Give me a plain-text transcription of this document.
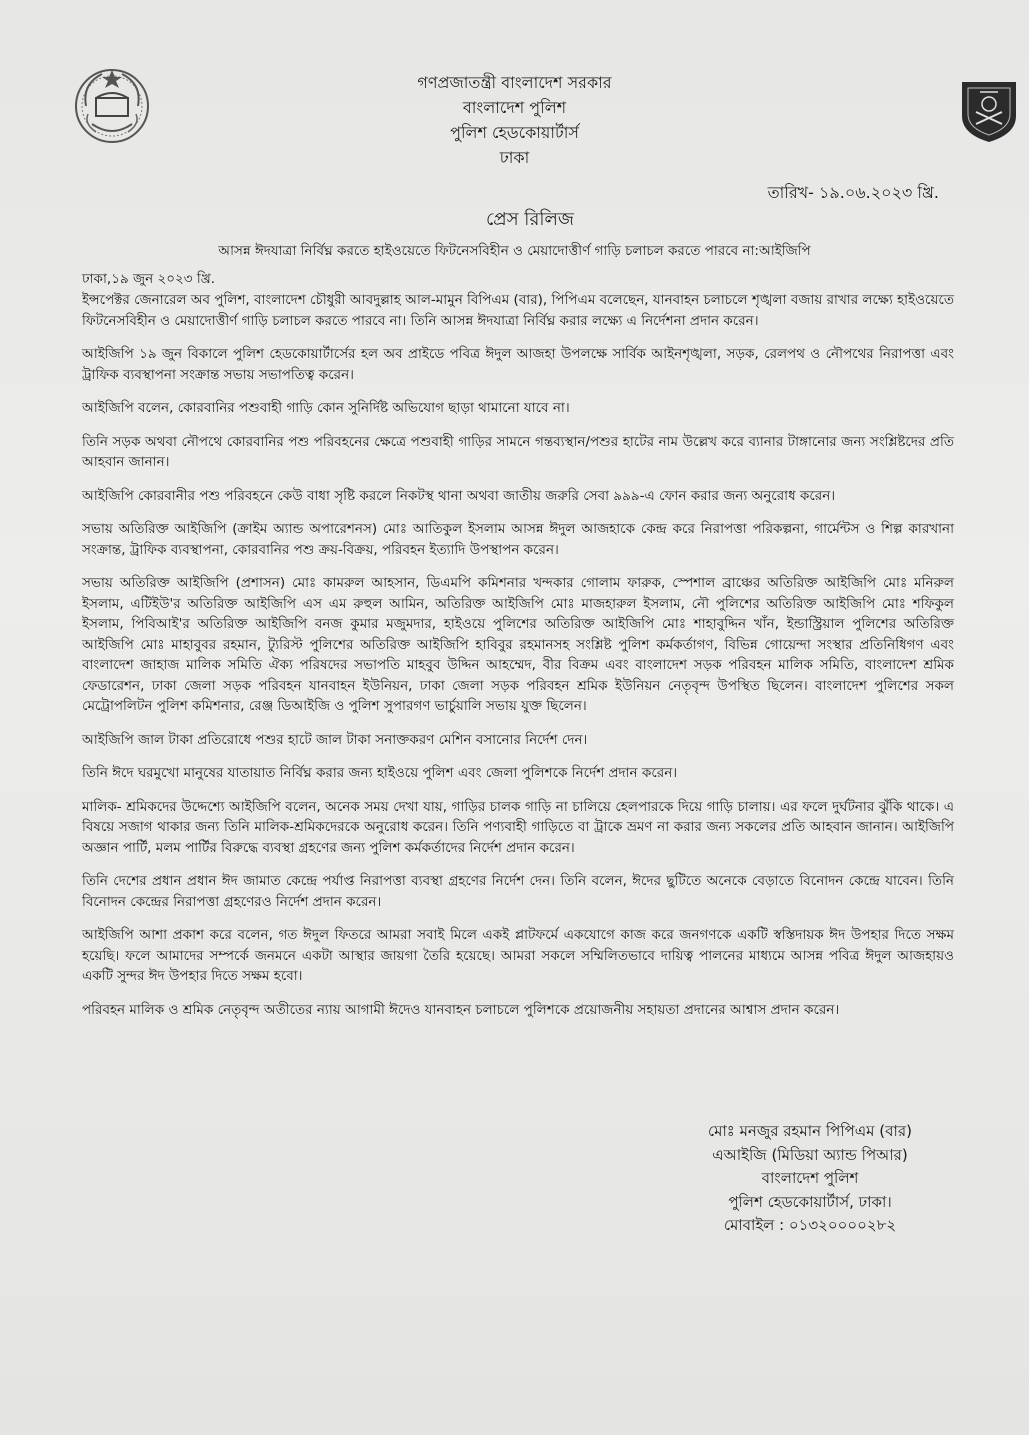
গণপ্রজাতন্ত্রী বাংলাদেশ সরকার
বাংলাদেশ পুলিশ
পুলিশ হেডকোয়ার্টার্স
ঢাকা
তারিখ- ১৯.০৬.২০২৩ খ্রি.
প্রেস রিলিজ
আসন্ন ঈদযাত্রা নির্বিঘ্ন করতে হাইওয়েতে ফিটনেসবিহীন ও মেয়াদোত্তীর্ণ গাড়ি চলাচল করতে পারবে না:আইজিপি
ঢাকা,১৯ জুন ২০২৩ খ্রি.

ইন্সপেক্টর জেনারেল অব পুলিশ, বাংলাদেশ চৌধুরী আবদুল্লাহ আল-মামুন বিপিএম (বার), পিপিএম বলেছেন, যানবাহন চলাচলে শৃঙ্খলা বজায় রাখার লক্ষ্যে হাইওয়েতে ফিটনেসবিহীন ও মেয়াদোত্তীর্ণ গাড়ি চলাচল করতে পারবে না। তিনি আসন্ন ঈদযাত্রা নির্বিঘ্ন করার লক্ষ্যে এ নির্দেশনা প্রদান করেন।

আইজিপি ১৯ জুন বিকালে পুলিশ হেডকোয়ার্টার্সের হল অব প্রাইডে পবিত্র ঈদুল আজহা উপলক্ষে সার্বিক আইনশৃঙ্খলা, সড়ক, রেলপথ ও নৌপথের নিরাপত্তা এবং ট্রাফিক ব্যবস্থাপনা সংক্রান্ত সভায় সভাপতিত্ব করেন।

আইজিপি বলেন, কোরবানির পশুবাহী গাড়ি কোন সুনির্দিষ্ট অভিযোগ ছাড়া থামানো যাবে না।

তিনি সড়ক অথবা নৌপথে কোরবানির পশু পরিবহনের ক্ষেত্রে পশুবাহী গাড়ির সামনে গন্তব্যস্থান/পশুর হাটের নাম উল্লেখ করে ব্যানার টাঙ্গানোর জন্য সংশ্লিষ্টদের প্রতি আহবান জানান।

আইজিপি কোরবানীর পশু পরিবহনে কেউ বাধা সৃষ্টি করলে নিকটস্থ থানা অথবা জাতীয় জরুরি সেবা ৯৯৯-এ ফোন করার জন্য অনুরোধ করেন।

সভায় অতিরিক্ত আইজিপি (ক্রাইম অ্যান্ড অপারেশনস) মোঃ আতিকুল ইসলাম আসন্ন ঈদুল আজহাকে কেন্দ্র করে নিরাপত্তা পরিকল্পনা, গার্মেন্টস ও শিল্প কারখানা সংক্রান্ত, ট্রাফিক ব্যবস্থাপনা, কোরবানির পশু ক্রয়-বিক্রয়, পরিবহন ইত্যাদি উপস্থাপন করেন।

সভায় অতিরিক্ত আইজিপি (প্রশাসন) মোঃ কামরুল আহসান, ডিএমপি কমিশনার খন্দকার গোলাম ফারুক, স্পেশাল ব্রাঞ্চের অতিরিক্ত আইজিপি মোঃ মনিরুল ইসলাম, এটিইউ'র অতিরিক্ত আইজিপি এস এম রুহুল আমিন, অতিরিক্ত আইজিপি মোঃ মাজহারুল ইসলাম, নৌ পুলিশের অতিরিক্ত আইজিপি মোঃ শফিকুল ইসলাম, পিবিআই'র অতিরিক্ত আইজিপি বনজ কুমার মজুমদার, হাইওয়ে পুলিশের অতিরিক্ত আইজিপি মোঃ শাহাবুদ্দিন খাঁন, ইন্ডাস্ট্রিয়াল পুলিশের অতিরিক্ত আইজিপি মোঃ মাহাবুবর রহমান, ট্যুরিস্ট পুলিশের অতিরিক্ত আইজিপি হাবিবুর রহমানসহ সংশ্লিষ্ট পুলিশ কর্মকর্তাগণ, বিভিন্ন গোয়েন্দা সংস্থার প্রতিনিধিগণ এবং বাংলাদেশ জাহাজ মালিক সমিতি ঐক্য পরিষদের সভাপতি মাহবুব উদ্দিন আহম্মেদ, বীর বিক্রম এবং বাংলাদেশ সড়ক পরিবহন মালিক সমিতি, বাংলাদেশ শ্রমিক ফেডারেশন, ঢাকা জেলা সড়ক পরিবহন যানবাহন ইউনিয়ন, ঢাকা জেলা সড়ক পরিবহন শ্রমিক ইউনিয়ন নেতৃবৃন্দ উপস্থিত ছিলেন। বাংলাদেশ পুলিশের সকল মেট্রোপলিটন পুলিশ কমিশনার, রেঞ্জ ডিআইজি ও পুলিশ সুপারগণ ভার্চুয়ালি সভায় যুক্ত ছিলেন।

আইজিপি জাল টাকা প্রতিরোধে পশুর হাটে জাল টাকা সনাক্তকরণ মেশিন বসানোর নির্দেশ দেন।

তিনি ঈদে ঘরমুখো মানুষের যাতায়াত নির্বিঘ্ন করার জন্য হাইওয়ে পুলিশ এবং জেলা পুলিশকে নির্দেশ প্রদান করেন।

মালিক- শ্রমিকদের উদ্দেশ্যে আইজিপি বলেন, অনেক সময় দেখা যায়, গাড়ির চালক গাড়ি না চালিয়ে হেলপারকে দিয়ে গাড়ি চালায়। এর ফলে দুর্ঘটনার ঝুঁকি থাকে। এ বিষয়ে সজাগ থাকার জন্য তিনি মালিক-শ্রমিকদেরকে অনুরোধ করেন। তিনি পণ্যবাহী গাড়িতে বা ট্রাকে ভ্রমণ না করার জন্য সকলের প্রতি আহবান জানান। আইজিপি অজ্ঞান পার্টি, মলম পার্টির বিরুদ্ধে ব্যবস্থা গ্রহণের জন্য পুলিশ কর্মকর্তাদের নির্দেশ প্রদান করেন।

তিনি দেশের প্রধান প্রধান ঈদ জামাত কেন্দ্রে পর্যাপ্ত নিরাপত্তা ব্যবস্থা গ্রহণের নির্দেশ দেন। তিনি বলেন, ঈদের ছুটিতে অনেকে বেড়াতে বিনোদন কেন্দ্রে যাবেন। তিনি বিনোদন কেন্দ্রের নিরাপত্তা গ্রহণেরও নির্দেশ প্রদান করেন।

আইজিপি আশা প্রকাশ করে বলেন, গত ঈদুল ফিতরে আমরা সবাই মিলে একই প্লাটফর্মে একযোগে কাজ করে জনগণকে একটি স্বস্তিদায়ক ঈদ উপহার দিতে সক্ষম হয়েছি। ফলে আমাদের সম্পর্কে জনমনে একটা আস্থার জায়গা তৈরি হয়েছে। আমরা সকলে সম্মিলিতভাবে দায়িত্ব পালনের মাধ্যমে আসন্ন পবিত্র ঈদুল আজহায়ও একটি সুন্দর ঈদ উপহার দিতে সক্ষম হবো।

পরিবহন মালিক ও শ্রমিক নেতৃবৃন্দ অতীতের ন্যায় আগামী ঈদেও যানবাহন চলাচলে পুলিশকে প্রয়োজনীয় সহায়তা প্রদানের আশ্বাস প্রদান করেন।

মোঃ মনজুর রহমান পিপিএম (বার)
এআইজি (মিডিয়া অ্যান্ড পিআর)
বাংলাদেশ পুলিশ
পুলিশ হেডকোয়ার্টার্স, ঢাকা।
মোবাইল : ০১৩২০০০০২৮২
